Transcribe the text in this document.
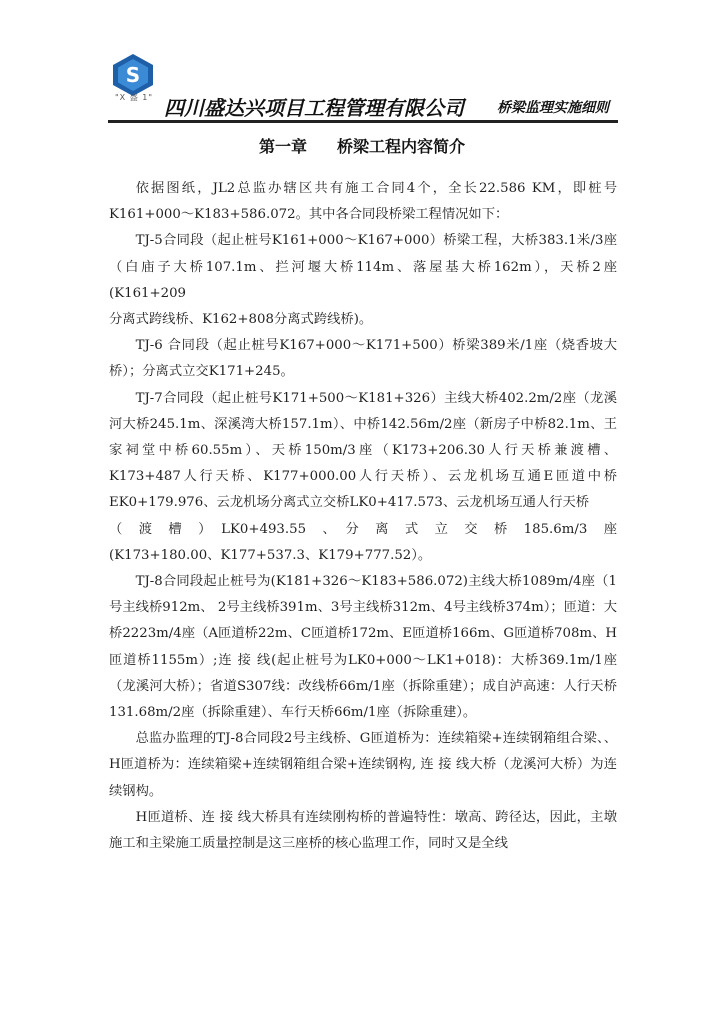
S
"X 盛 1" 四川盛达兴项目工程管理有限公司 桥梁监理实施细则
第一章 桥梁工程内容简介

依据图纸，JL2总监办辖区共有施工合同4个，全长22.586 KM，即桩号K161+000～K183+586.072。其中各合同段桥梁工程情况如下：

TJ-5合同段（起止桩号K161+000～K167+000）桥梁工程，大桥383.1米/3座（白庙子大桥107.1m、拦河堰大桥114m、落屋基大桥162m），天桥2座(K161+209

分离式跨线桥、K162+808分离式跨线桥)。

TJ-6 合同段（起止桩号K167+000～K171+500）桥梁389米/1座（烧香坡大桥）；分离式立交K171+245。

TJ-7合同段（起止桩号K171+500～K181+326）主线大桥402.2m/2座（龙溪河大桥245.1m、深溪湾大桥157.1m）、中桥142.56m/2座（新房子中桥82.1m、王家祠堂中桥60.55m）、天桥150m/3座（K173+206.30人行天桥兼渡槽、K173+487人行天桥、K177+000.00人行天桥）、云龙机场互通E匝道中桥EK0+179.976、云龙机场分离式立交桥LK0+417.573、云龙机场互通人行天桥

（　渡　槽　）　LK0+493.55　、　分　离　式　立　交　桥　185.6m/3　座

(K173+180.00、K177+537.3、K179+777.52）。

TJ-8合同段起止桩号为(K181+326～K183+586.072)主线大桥1089m/4座（1号主线桥912m、 2号主线桥391m、3号主线桥312m、4号主线桥374m）；匝道：大桥2223m/4座（A匝道桥22m、C匝道桥172m、E匝道桥166m、G匝道桥708m、H匝道桥1155m）;连 接 线(起止桩号为LK0+000～LK1+018)：大桥369.1m/1座（龙溪河大桥）；省道S307线：改线桥66m/1座（拆除重建）；成自泸高速：人行天桥131.68m/2座（拆除重建）、车行天桥66m/1座（拆除重建）。

总监办监理的TJ-8合同段2号主线桥、G匝道桥为：连续箱梁+连续钢箱组合梁、、H匝道桥为：连续箱梁+连续钢箱组合梁+连续钢构, 连 接 线大桥（龙溪河大桥）为连续钢构。

H匝道桥、连 接 线大桥具有连续刚构桥的普遍特性：墩高、跨径达，因此，主墩施工和主梁施工质量控制是这三座桥的核心监理工作，同时又是全线
